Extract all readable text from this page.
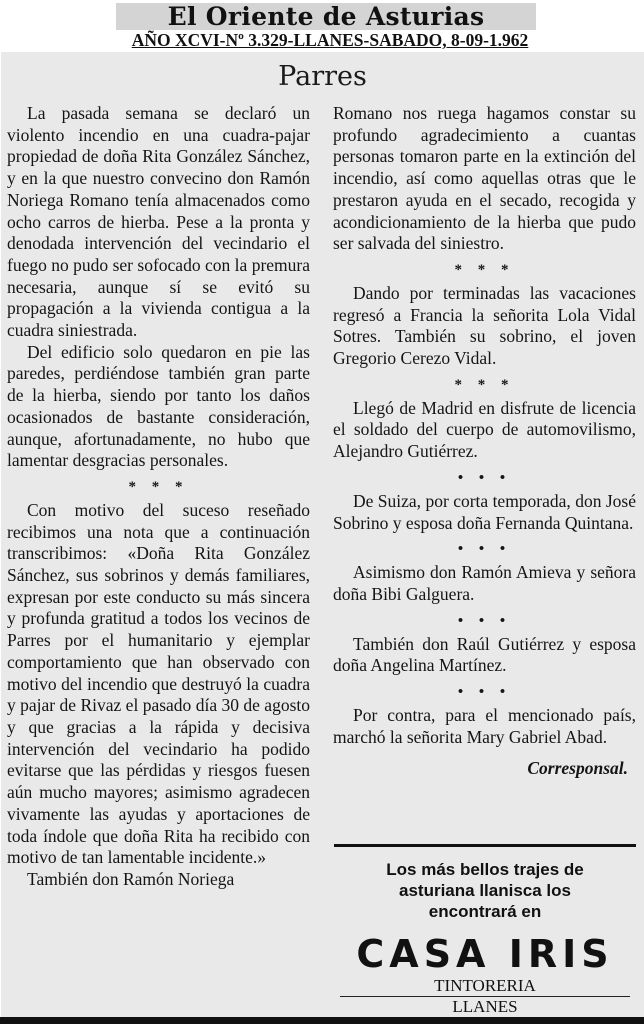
El Oriente de Asturias
AÑO XCVI-Nº 3.329-LLANES-SABADO, 8-09-1.962
Parres

La pasada semana se declaró un violento incendio en una cuadra-pajar propiedad de doña Rita González Sánchez, y en la que nuestro convecino don Ramón Noriega Romano tenía almacenados como ocho carros de hierba. Pese a la pronta y denodada intervención del vecindario el fuego no pudo ser sofocado con la premura necesaria, aunque sí se evitó su propagación a la vivienda contigua a la cuadra siniestrada.

Del edificio solo quedaron en pie las paredes, perdiéndose también gran parte de la hierba, siendo por tanto los daños ocasionados de bastante consideración, aunque, afortunadamente, no hubo que lamentar desgracias personales.

* * *

Con motivo del suceso reseñado recibimos una nota que a continuación transcribimos: «Doña Rita González Sánchez, sus sobrinos y demás familiares, expresan por este conducto su más sincera y profunda gratitud a todos los vecinos de Parres por el humanitario y ejemplar comportamiento que han observado con motivo del incendio que destruyó la cuadra y pajar de Rivaz el pasado día 30 de agosto y que gracias a la rápida y decisiva intervención del vecindario ha podido evitarse que las pérdidas y riesgos fuesen aún mucho mayores; asimismo agradecen vivamente las ayudas y aportaciones de toda índole que doña Rita ha recibido con motivo de tan lamentable incidente.»

También don Ramón Noriega

Romano nos ruega hagamos constar su profundo agradecimiento a cuantas personas tomaron parte en la extinción del incendio, así como aquellas otras que le prestaron ayuda en el secado, recogida y acondicionamiento de la hierba que pudo ser salvada del siniestro.

* * *

Dando por terminadas las vacaciones regresó a Francia la señorita Lola Vidal Sotres. También su sobrino, el joven Gregorio Cerezo Vidal.

* * *

Llegó de Madrid en disfrute de licencia el soldado del cuerpo de automovilismo, Alejandro Gutiérrez.

• • •

De Suiza, por corta temporada, don José Sobrino y esposa doña Fernanda Quintana.

• • •

Asimismo don Ramón Amieva y señora doña Bibi Galguera.

• • •

También don Raúl Gutiérrez y esposa doña Angelina Martínez.

• • •

Por contra, para el mencionado país, marchó la señorita Mary Gabriel Abad.

Corresponsal.
Los más bellos trajes de
asturiana llanisca los
encontrará en
CASA IRIS
TINTORERIA
LLANES
